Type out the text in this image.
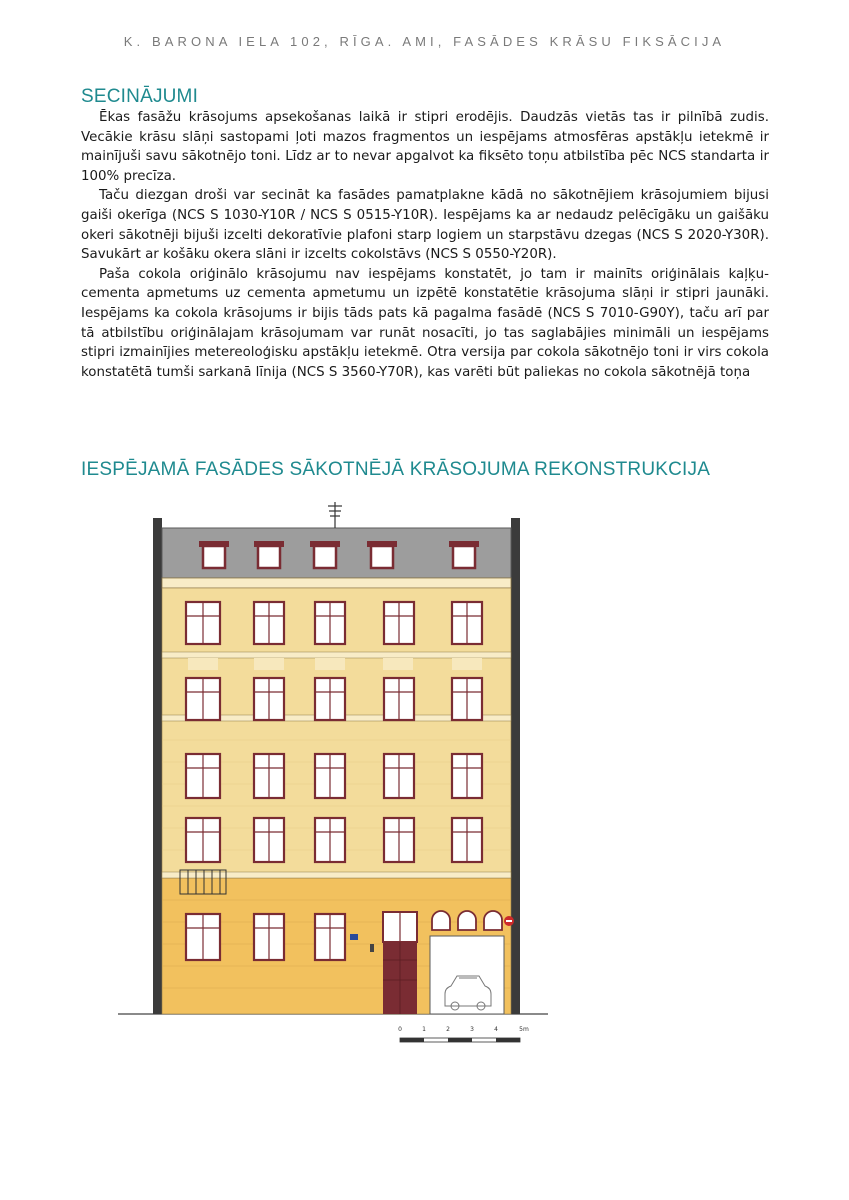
K. BARONA IELA 102, RĪGA. AMI, FASĀDES KRĀSU FIKSĀCIJA
SECINĀJUMI

Ēkas fasāžu krāsojums apsekošanas laikā ir stipri erodējis. Daudzās vietās tas ir pilnībā zudis. Vecākie krāsu slāņi sastopami ļoti mazos fragmentos un iespējams atmosfēras apstākļu ietekmē ir mainījuši savu sākotnējo toni. Līdz ar to nevar apgalvot ka fiksēto toņu atbilstība pēc NCS standarta ir 100% precīza.

Taču diezgan droši var secināt ka fasādes pamatplakne kādā no sākotnējiem krāsojumiem bijusi gaiši okerīga (NCS S 1030-Y10R / NCS S 0515-Y10R). Iespējams ka ar nedaudz pelēcīgāku un gaišāku okeri sākotnēji bijuši izcelti dekoratīvie plafoni starp logiem un starpstāvu dzegas (NCS S 2020-Y30R). Savukārt ar košāku okera slāni ir izcelts cokolstāvs (NCS S 0550-Y20R).

Paša cokola oriģinālo krāsojumu nav iespējams konstatēt, jo tam ir mainīts oriģinālais kaļķu-cementa apmetums uz cementa apmetumu un izpētē konstatētie krāsojuma slāņi ir stipri jaunāki. Iespējams ka cokola krāsojums ir bijis tāds pats kā pagalma fasādē (NCS S 7010-G90Y), taču arī par tā atbilstību oriģinālajam krāsojumam var runāt nosacīti, jo tas saglabājies minimāli un iespējams stipri izmainījies metereoloģisku apstākļu ietekmē. Otra versija par cokola sākotnējo toni ir virs cokola konstatētā tumši sarkanā līnija (NCS S 3560-Y70R), kas varēti būt paliekas no cokola sākotnējā toņa

IESPĒJAMĀ FASĀDES SĀKOTNĒJĀ KRĀSOJUMA REKONSTRUKCIJA
0	1	2	3	4	5m
